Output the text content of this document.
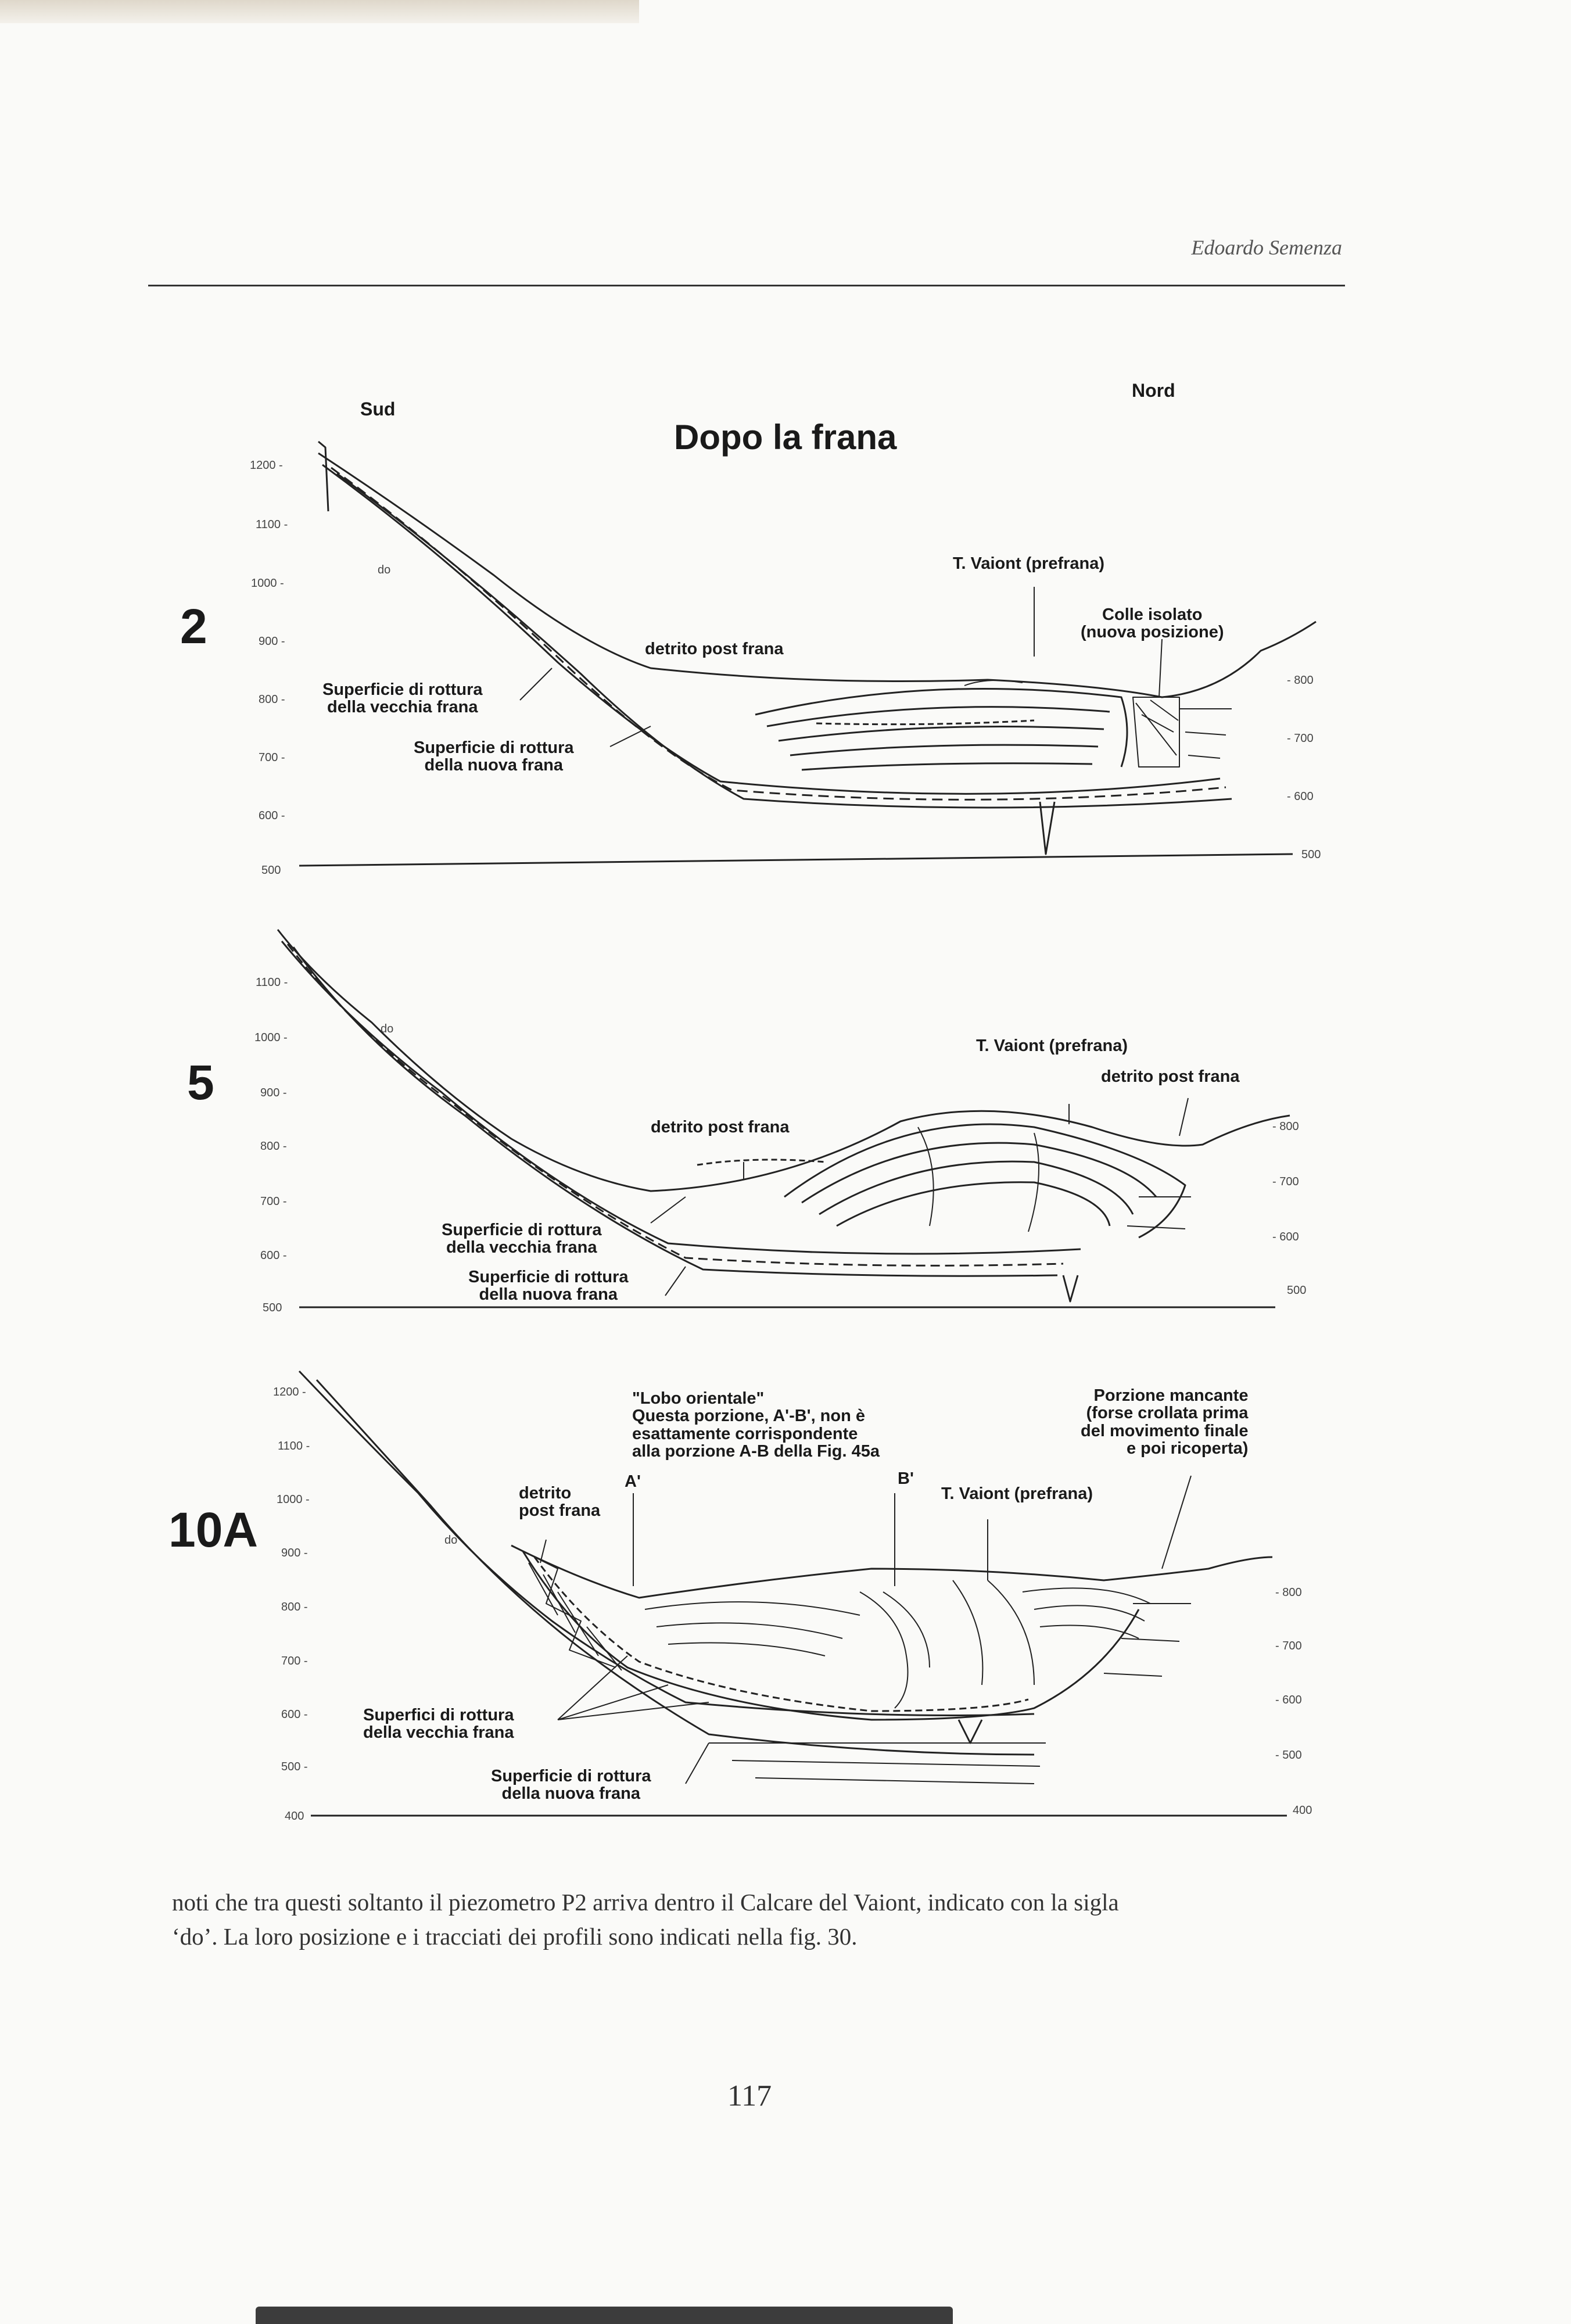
Edoardo Semenza
Dopo la frana
Sud
Nord
2
1200 -
1100 -
1000 -
900 -
800 -
700 -
600 -
500
- 800
- 700
- 600
500
do	T. Vaiont (prefrana)
Colle isolato
(nuova posizione)
detrito post frana
Superficie di rottura
della vecchia frana
Superficie di rottura
della nuova frana
5
1100 -
1000 -
900 -
800 -
700 -
600 -
500
- 800
- 700
- 600
500
do
T. Vaiont (prefrana)
detrito post frana
detrito post frana
Superficie di rottura
della vecchia frana
Superficie di rottura
della nuova frana
10A
1200 -
1100 -
1000 -
900 -
800 -
700 -
600 -
500 -
400
- 800
- 700
- 600
- 500
400
do
"Lobo orientale"
Questa porzione, A'-B', non è
esattamente corrispondente
alla porzione A-B della Fig. 45a
A'	B'
T. Vaiont (prefrana)
Porzione mancante
(forse crollata prima
del movimento finale
e poi ricoperta)
detrito
post frana
Superfici di rottura
della vecchia frana
Superficie di rottura
della nuova frana
noti che tra questi soltanto il piezometro P2 arriva dentro il Calcare del Vaiont, indicato con la sigla
‘do’. La loro posizione e i tracciati dei profili sono indicati nella fig. 30.
117
